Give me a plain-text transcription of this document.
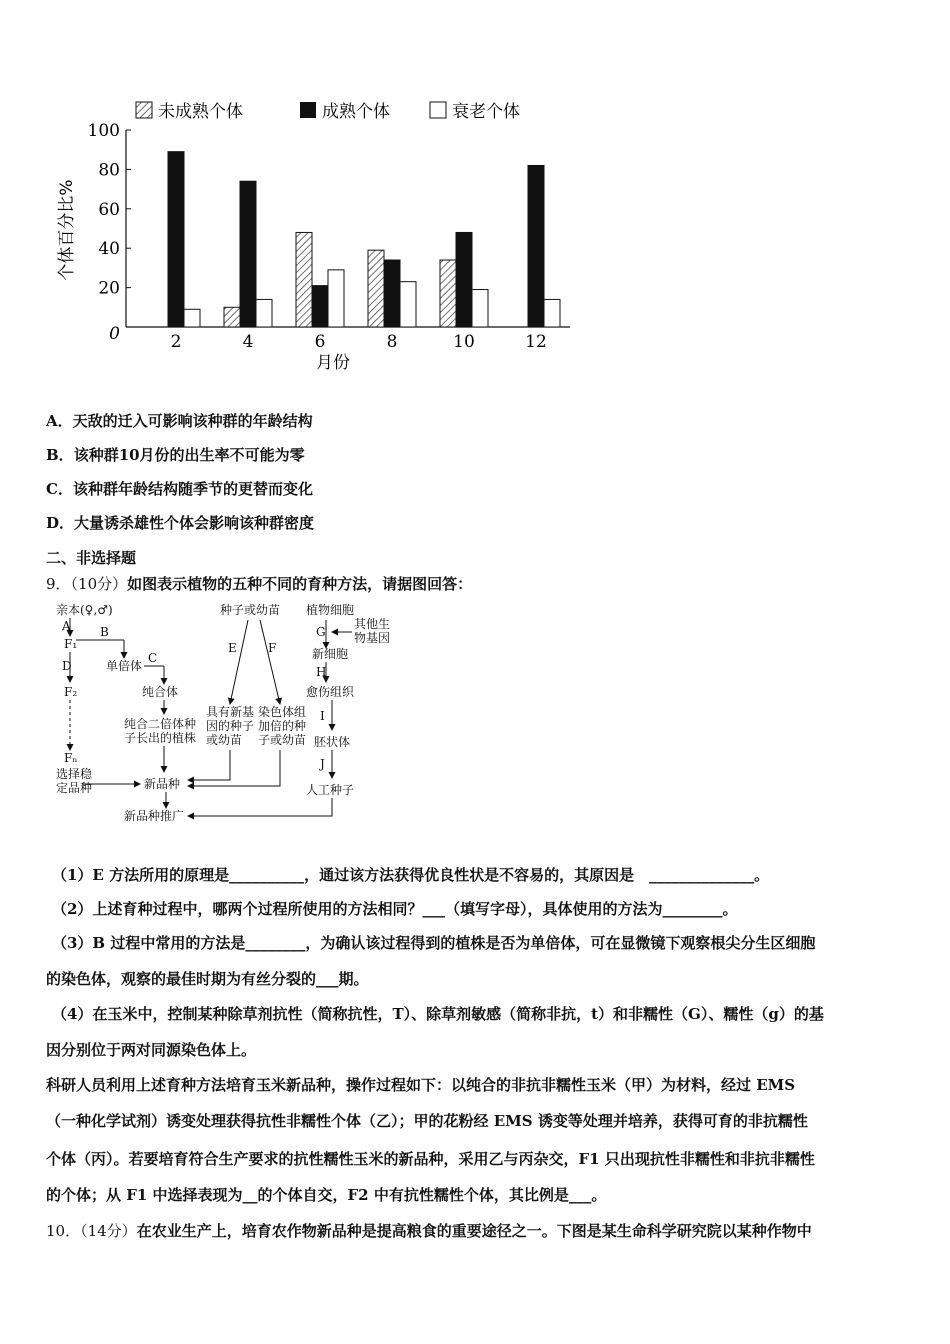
未成熟个体	成熟个体	衰老个体
个体百分比%
月份
0
20
40
60
80
100
2	4	6	8	10	12
A．天敌的迁入可影响该种群的年龄结构
B．该种群10月份的出生率不可能为零
C．该种群年龄结构随季节的更替而变化
D．大量诱杀雄性个体会影响该种群密度
二、非选择题
9．（10分）如图表示植物的五种不同的育种方法，请据图回答：
亲本(♀,♂)
A
F₁
B
单倍体
C
纯合体
纯合二倍体种
子长出的植株
D
F₂
Fₙ
选择稳
定品种	新品种
新品种推广
种子或幼苗
E	F
具有新基
因的种子
或幼苗
染色体组
加倍的种
子或幼苗
植物细胞
G
其他生
物基因
新细胞
H
愈伤组织
I
胚状体
J
人工种子
（1）E 方法所用的原理是__________，通过该方法获得优良性状是不容易的，其原因是　______________。
（2）上述育种过程中，哪两个过程所使用的方法相同？___（填写字母），具体使用的方法为________。
（3）B 过程中常用的方法是________，为确认该过程得到的植株是否为单倍体，可在显微镜下观察根尖分生区细胞
的染色体，观察的最佳时期为有丝分裂的___期。
（4）在玉米中，控制某种除草剂抗性（简称抗性，T）、除草剂敏感（简称非抗，t）和非糯性（G）、糯性（g）的基
因分别位于两对同源染色体上。
科研人员利用上述育种方法培育玉米新品种，操作过程如下：以纯合的非抗非糯性玉米（甲）为材料，经过 EMS
（一种化学试剂）诱变处理获得抗性非糯性个体（乙）；甲的花粉经 EMS 诱变等处理并培养，获得可育的非抗糯性
个体（丙）。若要培育符合生产要求的抗性糯性玉米的新品种，采用乙与丙杂交，F1 只出现抗性非糯性和非抗非糯性
的个体；从 F1 中选择表现为__的个体自交，F2 中有抗性糯性个体，其比例是___。
10．（14分）在农业生产上，培育农作物新品种是提高粮食的重要途径之一。下图是某生命科学研究院以某种作物中
